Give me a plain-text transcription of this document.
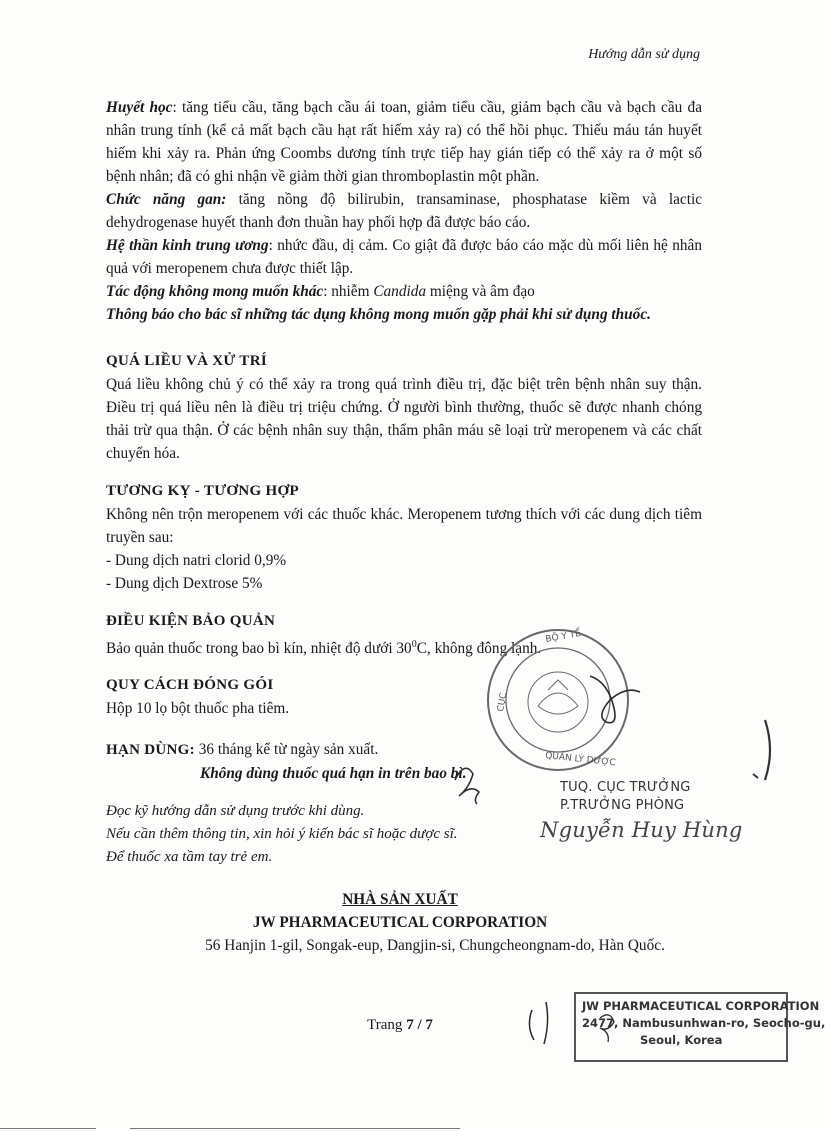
Hướng dẫn sử dụng
Huyết học: tăng tiểu cầu, tăng bạch cầu ái toan, giảm tiểu cầu, giảm bạch cầu và bạch cầu đa nhân trung tính (kể cả mất bạch cầu hạt rất hiếm xảy ra) có thể hồi phục. Thiếu máu tán huyết hiếm khi xảy ra. Phản ứng Coombs dương tính trực tiếp hay gián tiếp có thể xảy ra ở một số bệnh nhân; đã có ghi nhận về giảm thời gian thromboplastin một phần.
Chức năng gan: tăng nồng độ bilirubin, transaminase, phosphatase kiềm và lactic dehydrogenase huyết thanh đơn thuần hay phối hợp đã được báo cáo.
Hệ thần kinh trung ương: nhức đầu, dị cảm. Co giật đã được báo cáo mặc dù mối liên hệ nhân quả với meropenem chưa được thiết lập.
Tác động không mong muốn khác: nhiễm Candida miệng và âm đạo
Thông báo cho bác sĩ những tác dụng không mong muốn gặp phải khi sử dụng thuốc.
QUÁ LIỀU VÀ XỬ TRÍ
Quá liều không chủ ý có thể xảy ra trong quá trình điều trị, đặc biệt trên bệnh nhân suy thận. Điều trị quá liều nên là điều trị triệu chứng. Ở người bình thường, thuốc sẽ được nhanh chóng thải trừ qua thận. Ở các bệnh nhân suy thận, thẩm phân máu sẽ loại trừ meropenem và các chất chuyển hóa.
TƯƠNG KỴ - TƯƠNG HỢP
Không nên trộn meropenem với các thuốc khác. Meropenem tương thích với các dung dịch tiêm truyền sau:
- Dung dịch natri clorid 0,9%
- Dung dịch Dextrose 5%
ĐIỀU KIỆN BẢO QUẢN
Bảo quản thuốc trong bao bì kín, nhiệt độ dưới $30^0C$, không đông lạnh.
QUY CÁCH ĐÓNG GÓI
Hộp 10 lọ bột thuốc pha tiêm.
HẠN DÙNG: 36 tháng kể từ ngày sản xuất.
Không dùng thuốc quá hạn in trên bao bì.
Đọc kỹ hướng dẫn sử dụng trước khi dùng.
Nếu cần thêm thông tin, xin hỏi ý kiến bác sĩ hoặc dược sĩ.
Để thuốc xa tầm tay trẻ em.
BỘ Y TẾ
CỤC
QUẢN LÝ DƯỢC
TUQ. CỤC TRƯỞNG
P.TRƯỞNG PHÒNG
Nguyễn Huy Hùng
NHÀ SẢN XUẤT
JW PHARMACEUTICAL CORPORATION
56 Hanjin 1-gil, Songak-eup, Dangjin-si, Chungcheongnam-do, Hàn Quốc.
JW PHARMACEUTICAL CORPORATION
2477, Nambusunhwan-ro, Seocho-gu,
Seoul, Korea
Trang 7 / 7
